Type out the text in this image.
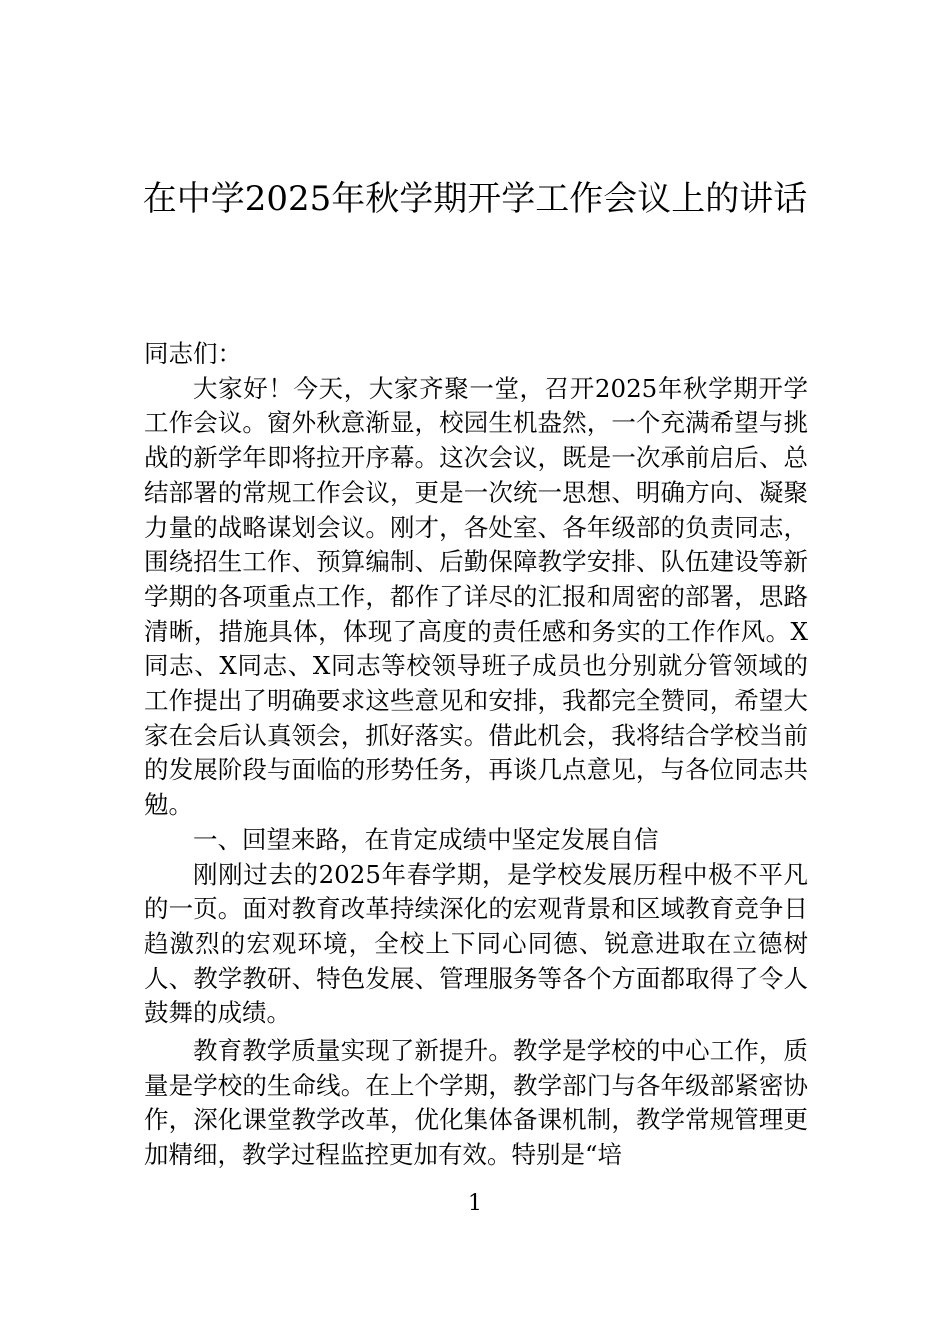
在中学2025年秋学期开学工作会议上的讲话

同志们：

大家好！今天，大家齐聚一堂，召开2025年秋学期开学工作会议。窗外秋意渐显，校园生机盎然，一个充满希望与挑战的新学年即将拉开序幕。这次会议，既是一次承前启后、总结部署的常规工作会议，更是一次统一思想、明确方向、凝聚力量的战略谋划会议。刚才，各处室、各年级部的负责同志，围绕招生工作、预算编制、后勤保障教学安排、队伍建设等新学期的各项重点工作，都作了详尽的汇报和周密的部署，思路清晰，措施具体，体现了高度的责任感和务实的工作作风。X同志、X同志、X同志等校领导班子成员也分别就分管领域的工作提出了明确要求这些意见和安排，我都完全赞同，希望大家在会后认真领会，抓好落实。借此机会，我将结合学校当前的发展阶段与面临的形势任务，再谈几点意见，与各位同志共勉。

一、回望来路，在肯定成绩中坚定发展自信

刚刚过去的2025年春学期，是学校发展历程中极不平凡的一页。面对教育改革持续深化的宏观背景和区域教育竞争日趋激烈的宏观环境，全校上下同心同德、锐意进取在立德树人、教学教研、特色发展、管理服务等各个方面都取得了令人鼓舞的成绩。

教育教学质量实现了新提升。教学是学校的中心工作，质量是学校的生命线。在上个学期，教学部门与各年级部紧密协作，深化课堂教学改革，优化集体备课机制，教学常规管理更加精细，教学过程监控更加有效。特别是“培

1
